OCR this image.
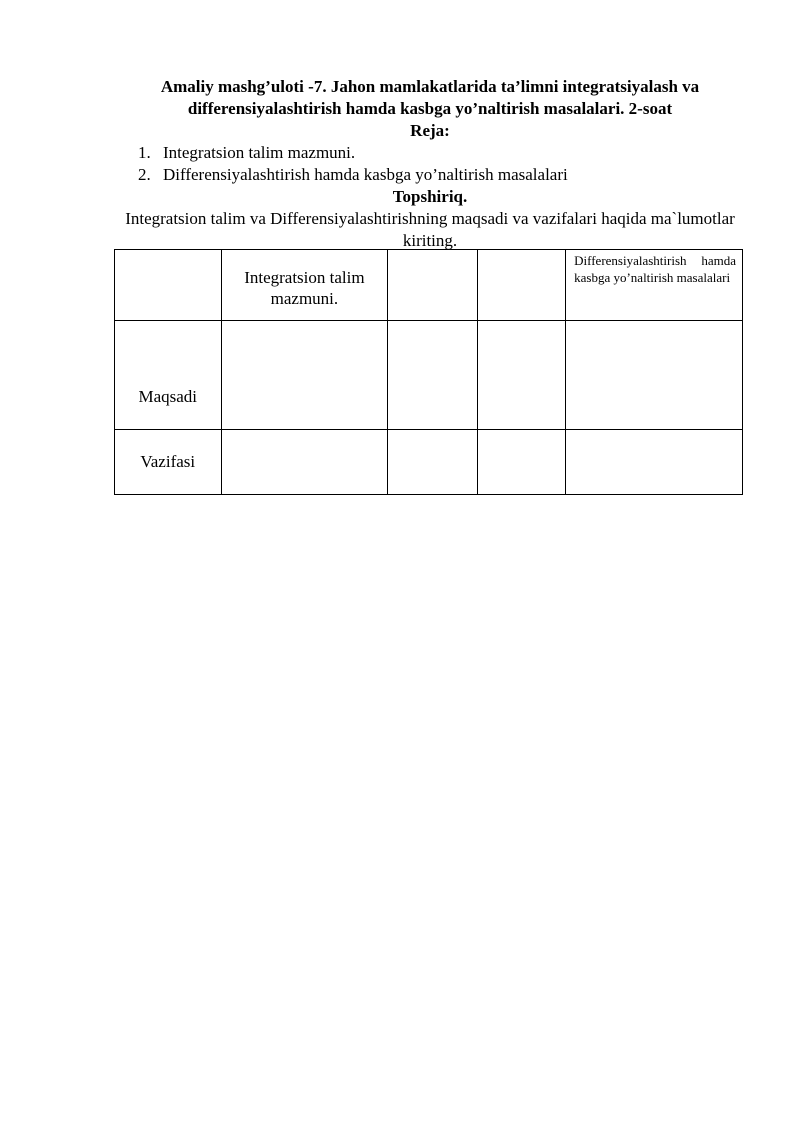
Amaliy mashg’uloti -7. Jahon mamlakatlarida ta’limni integratsiyalash va differensiyalashtirish hamda kasbga yo’naltirish masalalari. 2-soat
Reja:
1. Integratsion talim mazmuni.
2. Differensiyalashtirish hamda kasbga yo’naltirish masalalari
Topshiriq.
Integratsion talim va Differensiyalashtirishning maqsadi va vazifalari haqida ma`lumotlar kiriting.
	Integratsion talim mazmuni.			Differensiyalashtirish hamda kasbga yo’naltirish masalalari
Maqsadi				
Vazifasi				
